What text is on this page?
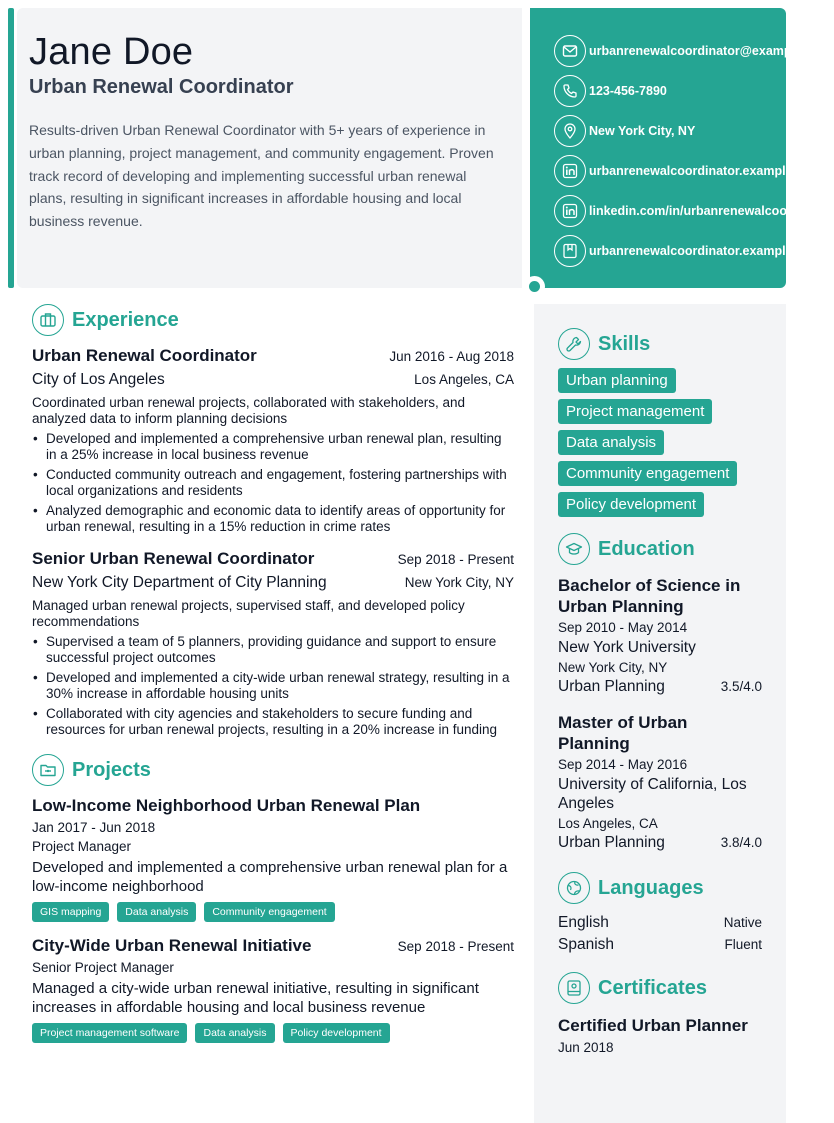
Jane Doe
Urban Renewal Coordinator
Results-driven Urban Renewal Coordinator with 5+ years of experience in urban planning, project management, and community engagement. Proven track record of developing and implementing successful urban renewal plans, resulting in significant increases in affordable housing and local business revenue.
urbanrenewalcoordinator@example.com
123-456-7890
New York City, NY
urbanrenewalcoordinator.example.com
linkedin.com/in/urbanrenewalcoordinator
urbanrenewalcoordinator.example.com
Experience
Urban Renewal Coordinator	Jun 2016 - Aug 2018
City of Los Angeles	Los Angeles, CA
Coordinated urban renewal projects, collaborated with stakeholders, and analyzed data to inform planning decisions
• Developed and implemented a comprehensive urban renewal plan, resulting in a 25% increase in local business revenue
• Conducted community outreach and engagement, fostering partnerships with local organizations and residents
• Analyzed demographic and economic data to identify areas of opportunity for urban renewal, resulting in a 15% reduction in crime rates
Senior Urban Renewal Coordinator	Sep 2018 - Present
New York City Department of City Planning	New York City, NY
Managed urban renewal projects, supervised staff, and developed policy recommendations
• Supervised a team of 5 planners, providing guidance and support to ensure successful project outcomes
• Developed and implemented a city-wide urban renewal strategy, resulting in a 30% increase in affordable housing units
• Collaborated with city agencies and stakeholders to secure funding and resources for urban renewal projects, resulting in a 20% increase in funding
Projects
Low-Income Neighborhood Urban Renewal Plan
Jan 2017 - Jun 2018
Project Manager
Developed and implemented a comprehensive urban renewal plan for a low-income neighborhood
GIS mapping	Data analysis	Community engagement
City-Wide Urban Renewal Initiative	Sep 2018 - Present
Senior Project Manager
Managed a city-wide urban renewal initiative, resulting in significant increases in affordable housing and local business revenue
Project management software	Data analysis	Policy development
Skills
Urban planning
Project management
Data analysis
Community engagement
Policy development
Education
Bachelor of Science in Urban Planning
Sep 2010 - May 2014
New York University
New York City, NY
Urban Planning	3.5/4.0
Master of Urban Planning
Sep 2014 - May 2016
University of California, Los Angeles
Los Angeles, CA
Urban Planning	3.8/4.0
Languages
English	Native
Spanish	Fluent
Certificates
Certified Urban Planner
Jun 2018
